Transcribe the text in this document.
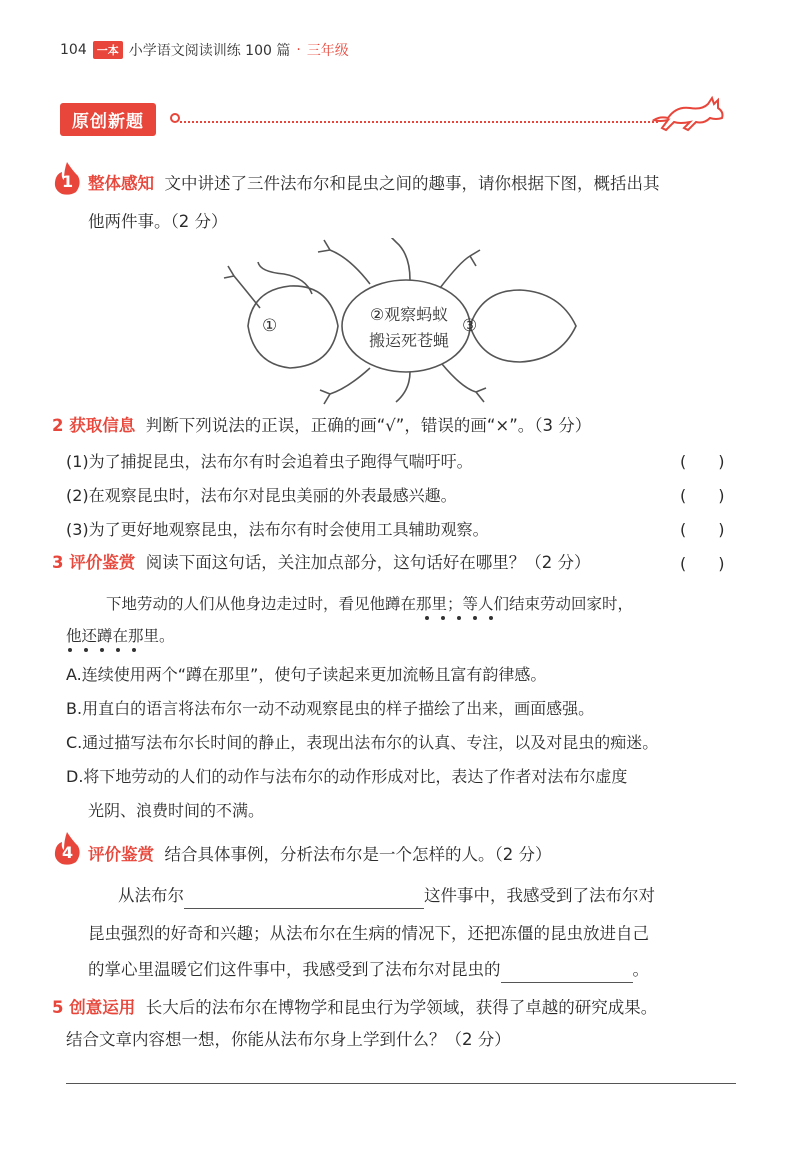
104 一本 小学语文阅读训练 100 篇 · 三年级
原创新题
1 整体感知 文中讲述了三件法布尔和昆虫之间的趣事，请你根据下图，概括出其
他两件事。（2 分）
①
②观察蚂蚁
搬运死苍蝇
③
2 获取信息 判断下列说法的正误，正确的画“√”，错误的画“×”。（3 分）
(1)为了捕捉昆虫，法布尔有时会追着虫子跑得气喘吁吁。	(　　)
(2)在观察昆虫时，法布尔对昆虫美丽的外表最感兴趣。	(　　)
(3)为了更好地观察昆虫，法布尔有时会使用工具辅助观察。	(　　)
3 评价鉴赏 阅读下面这句话，关注加点部分，这句话好在哪里？（2 分）	(　　)
下地劳动的人们从他身边走过时，看见他蹲在那里；等人们结束劳动回家时，
他还蹲在那里。
A.连续使用两个“蹲在那里”，使句子读起来更加流畅且富有韵律感。
B.用直白的语言将法布尔一动不动观察昆虫的样子描绘了出来，画面感强。
C.通过描写法布尔长时间的静止，表现出法布尔的认真、专注，以及对昆虫的痴迷。
D.将下地劳动的人们的动作与法布尔的动作形成对比，表达了作者对法布尔虚度
光阴、浪费时间的不满。
4 评价鉴赏 结合具体事例，分析法布尔是一个怎样的人。（2 分）
从法布尔	这件事中，我感受到了法布尔对
昆虫强烈的好奇和兴趣；从法布尔在生病的情况下，还把冻僵的昆虫放进自己
的掌心里温暖它们这件事中，我感受到了法布尔对昆虫的	。
5 创意运用 长大后的法布尔在博物学和昆虫行为学领域，获得了卓越的研究成果。
结合文章内容想一想，你能从法布尔身上学到什么？（2 分）
